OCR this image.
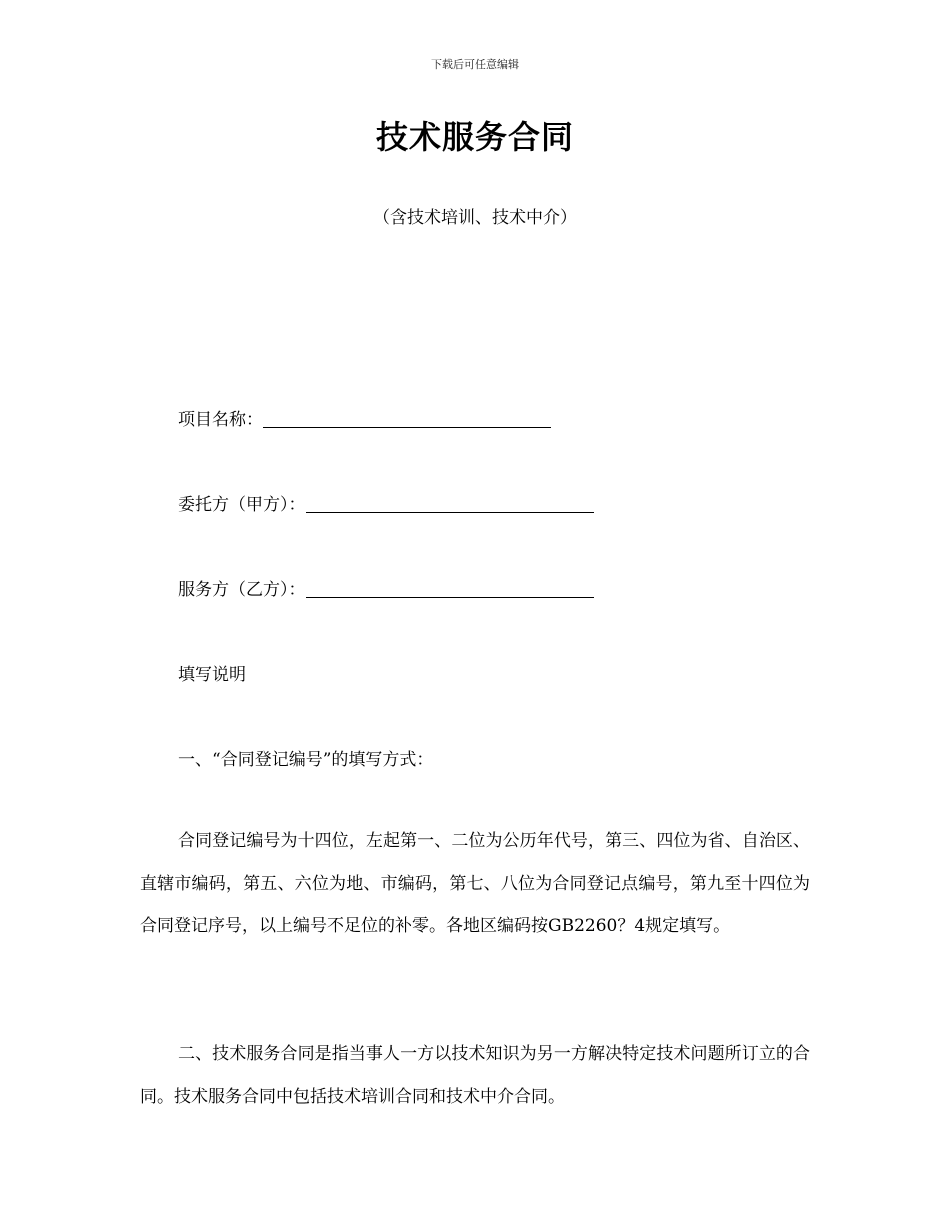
下载后可任意编辑
技术服务合同
（含技术培训、技术中介）
项目名称：
委托方（甲方）：
服务方（乙方）：
填写说明
一、“合同登记编号”的填写方式：
合同登记编号为十四位，左起第一、二位为公历年代号，第三、四位为省、自治区、直辖市编码，第五、六位为地、市编码，第七、八位为合同登记点编号，第九至十四位为合同登记序号，以上编号不足位的补零。各地区编码按GB2260？4规定填写。
二、技术服务合同是指当事人一方以技术知识为另一方解决特定技术问题所订立的合同。技术服务合同中包括技术培训合同和技术中介合同。
